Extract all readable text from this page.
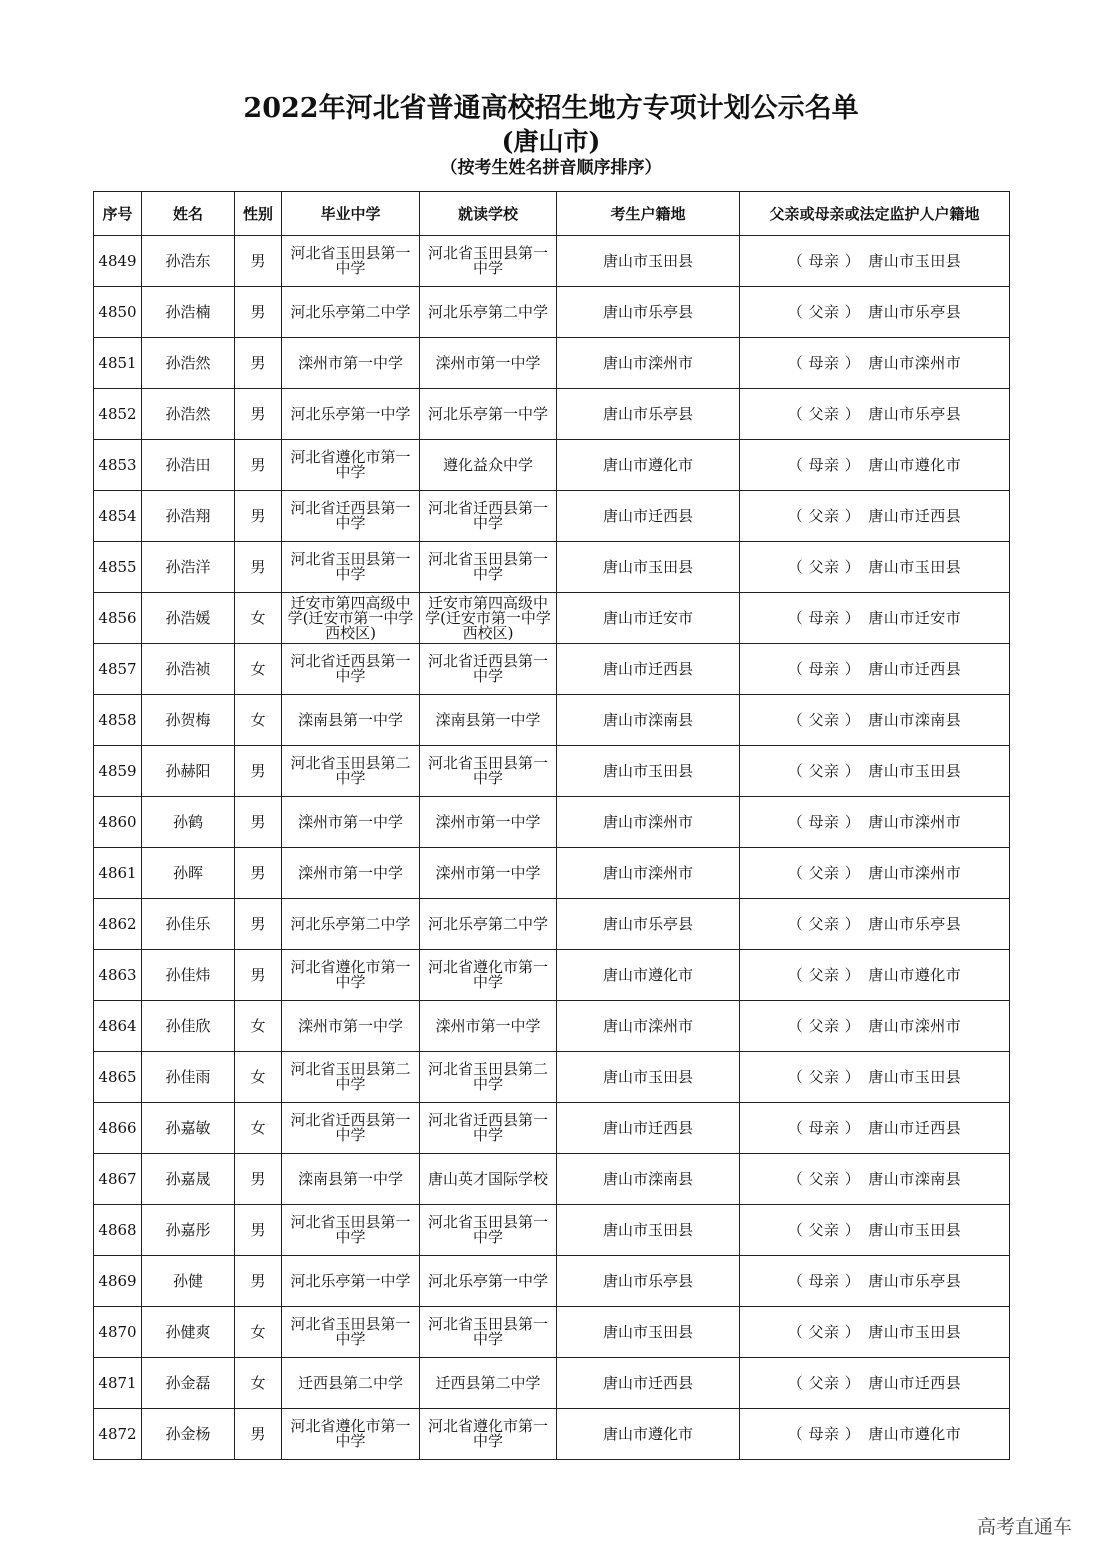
2022年河北省普通高校招生地方专项计划公示名单
(唐山市)
（按考生姓名拼音顺序排序）
序号	姓名	性别	毕业中学	就读学校	考生户籍地	父亲或母亲或法定监护人户籍地
4849	孙浩东	男	河北省玉田县第一中学	河北省玉田县第一中学	唐山市玉田县	（ 母亲 ） 唐山市玉田县
4850	孙浩楠	男	河北乐亭第二中学	河北乐亭第二中学	唐山市乐亭县	（ 父亲 ） 唐山市乐亭县
4851	孙浩然	男	滦州市第一中学	滦州市第一中学	唐山市滦州市	（ 母亲 ） 唐山市滦州市
4852	孙浩然	男	河北乐亭第一中学	河北乐亭第一中学	唐山市乐亭县	（ 父亲 ） 唐山市乐亭县
4853	孙浩田	男	河北省遵化市第一中学	遵化益众中学	唐山市遵化市	（ 母亲 ） 唐山市遵化市
4854	孙浩翔	男	河北省迁西县第一中学	河北省迁西县第一中学	唐山市迁西县	（ 父亲 ） 唐山市迁西县
4855	孙浩洋	男	河北省玉田县第一中学	河北省玉田县第一中学	唐山市玉田县	（ 父亲 ） 唐山市玉田县
4856	孙浩媛	女	迁安市第四高级中学(迁安市第一中学西校区)	迁安市第四高级中学(迁安市第一中学西校区)	唐山市迁安市	（ 母亲 ） 唐山市迁安市
4857	孙浩祯	女	河北省迁西县第一中学	河北省迁西县第一中学	唐山市迁西县	（ 母亲 ） 唐山市迁西县
4858	孙贺梅	女	滦南县第一中学	滦南县第一中学	唐山市滦南县	（ 父亲 ） 唐山市滦南县
4859	孙赫阳	男	河北省玉田县第二中学	河北省玉田县第一中学	唐山市玉田县	（ 父亲 ） 唐山市玉田县
4860	孙鹤	男	滦州市第一中学	滦州市第一中学	唐山市滦州市	（ 母亲 ） 唐山市滦州市
4861	孙晖	男	滦州市第一中学	滦州市第一中学	唐山市滦州市	（ 父亲 ） 唐山市滦州市
4862	孙佳乐	男	河北乐亭第二中学	河北乐亭第二中学	唐山市乐亭县	（ 父亲 ） 唐山市乐亭县
4863	孙佳炜	男	河北省遵化市第一中学	河北省遵化市第一中学	唐山市遵化市	（ 父亲 ） 唐山市遵化市
4864	孙佳欣	女	滦州市第一中学	滦州市第一中学	唐山市滦州市	（ 父亲 ） 唐山市滦州市
4865	孙佳雨	女	河北省玉田县第二中学	河北省玉田县第二中学	唐山市玉田县	（ 父亲 ） 唐山市玉田县
4866	孙嘉敏	女	河北省迁西县第一中学	河北省迁西县第一中学	唐山市迁西县	（ 母亲 ） 唐山市迁西县
4867	孙嘉晟	男	滦南县第一中学	唐山英才国际学校	唐山市滦南县	（ 父亲 ） 唐山市滦南县
4868	孙嘉彤	男	河北省玉田县第一中学	河北省玉田县第一中学	唐山市玉田县	（ 父亲 ） 唐山市玉田县
4869	孙健	男	河北乐亭第一中学	河北乐亭第一中学	唐山市乐亭县	（ 母亲 ） 唐山市乐亭县
4870	孙健爽	女	河北省玉田县第一中学	河北省玉田县第一中学	唐山市玉田县	（ 父亲 ） 唐山市玉田县
4871	孙金磊	女	迁西县第二中学	迁西县第二中学	唐山市迁西县	（ 父亲 ） 唐山市迁西县
4872	孙金杨	男	河北省遵化市第一中学	河北省遵化市第一中学	唐山市遵化市	（ 母亲 ） 唐山市遵化市
高考直通车
